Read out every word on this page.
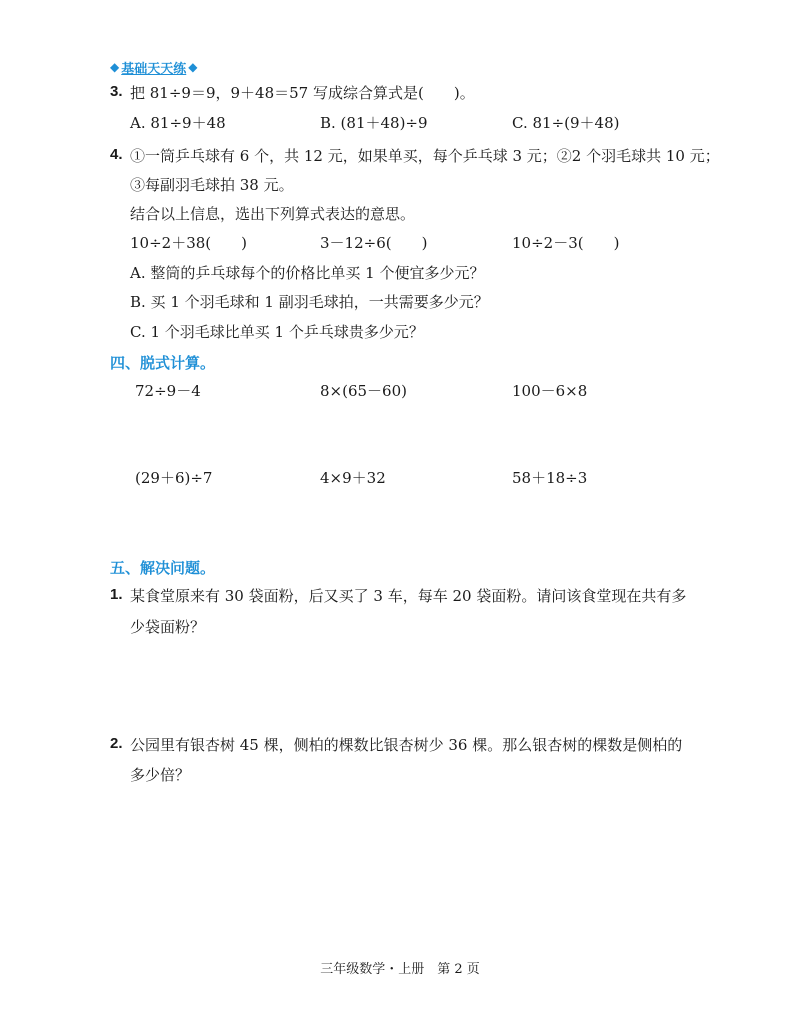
◆ 基础天天练 ◆
3. 把 81÷9＝9，9＋48＝57 写成综合算式是(　　)。
A. 81÷9＋48	B. (81＋48)÷9	C. 81÷(9＋48)
4. ①一筒乒乓球有 6 个，共 12 元，如果单买，每个乒乓球 3 元；②2 个羽毛球共 10 元；
③每副羽毛球拍 38 元。
结合以上信息，选出下列算式表达的意思。
10÷2＋38(　　)	3－12÷6(　　)	10÷2－3(　　)
A. 整筒的乒乓球每个的价格比单买 1 个便宜多少元？
B. 买 1 个羽毛球和 1 副羽毛球拍，一共需要多少元？
C. 1 个羽毛球比单买 1 个乒乓球贵多少元？
四、脱式计算。
72÷9－4	8×(65－60)	100－6×8
(29＋6)÷7	4×9＋32	58＋18÷3
五、解决问题。
1. 某食堂原来有 30 袋面粉，后又买了 3 车，每车 20 袋面粉。请问该食堂现在共有多
少袋面粉？
2. 公园里有银杏树 45 棵，侧柏的棵数比银杏树少 36 棵。那么银杏树的棵数是侧柏的
多少倍？
三年级数学・上册　第 2 页
